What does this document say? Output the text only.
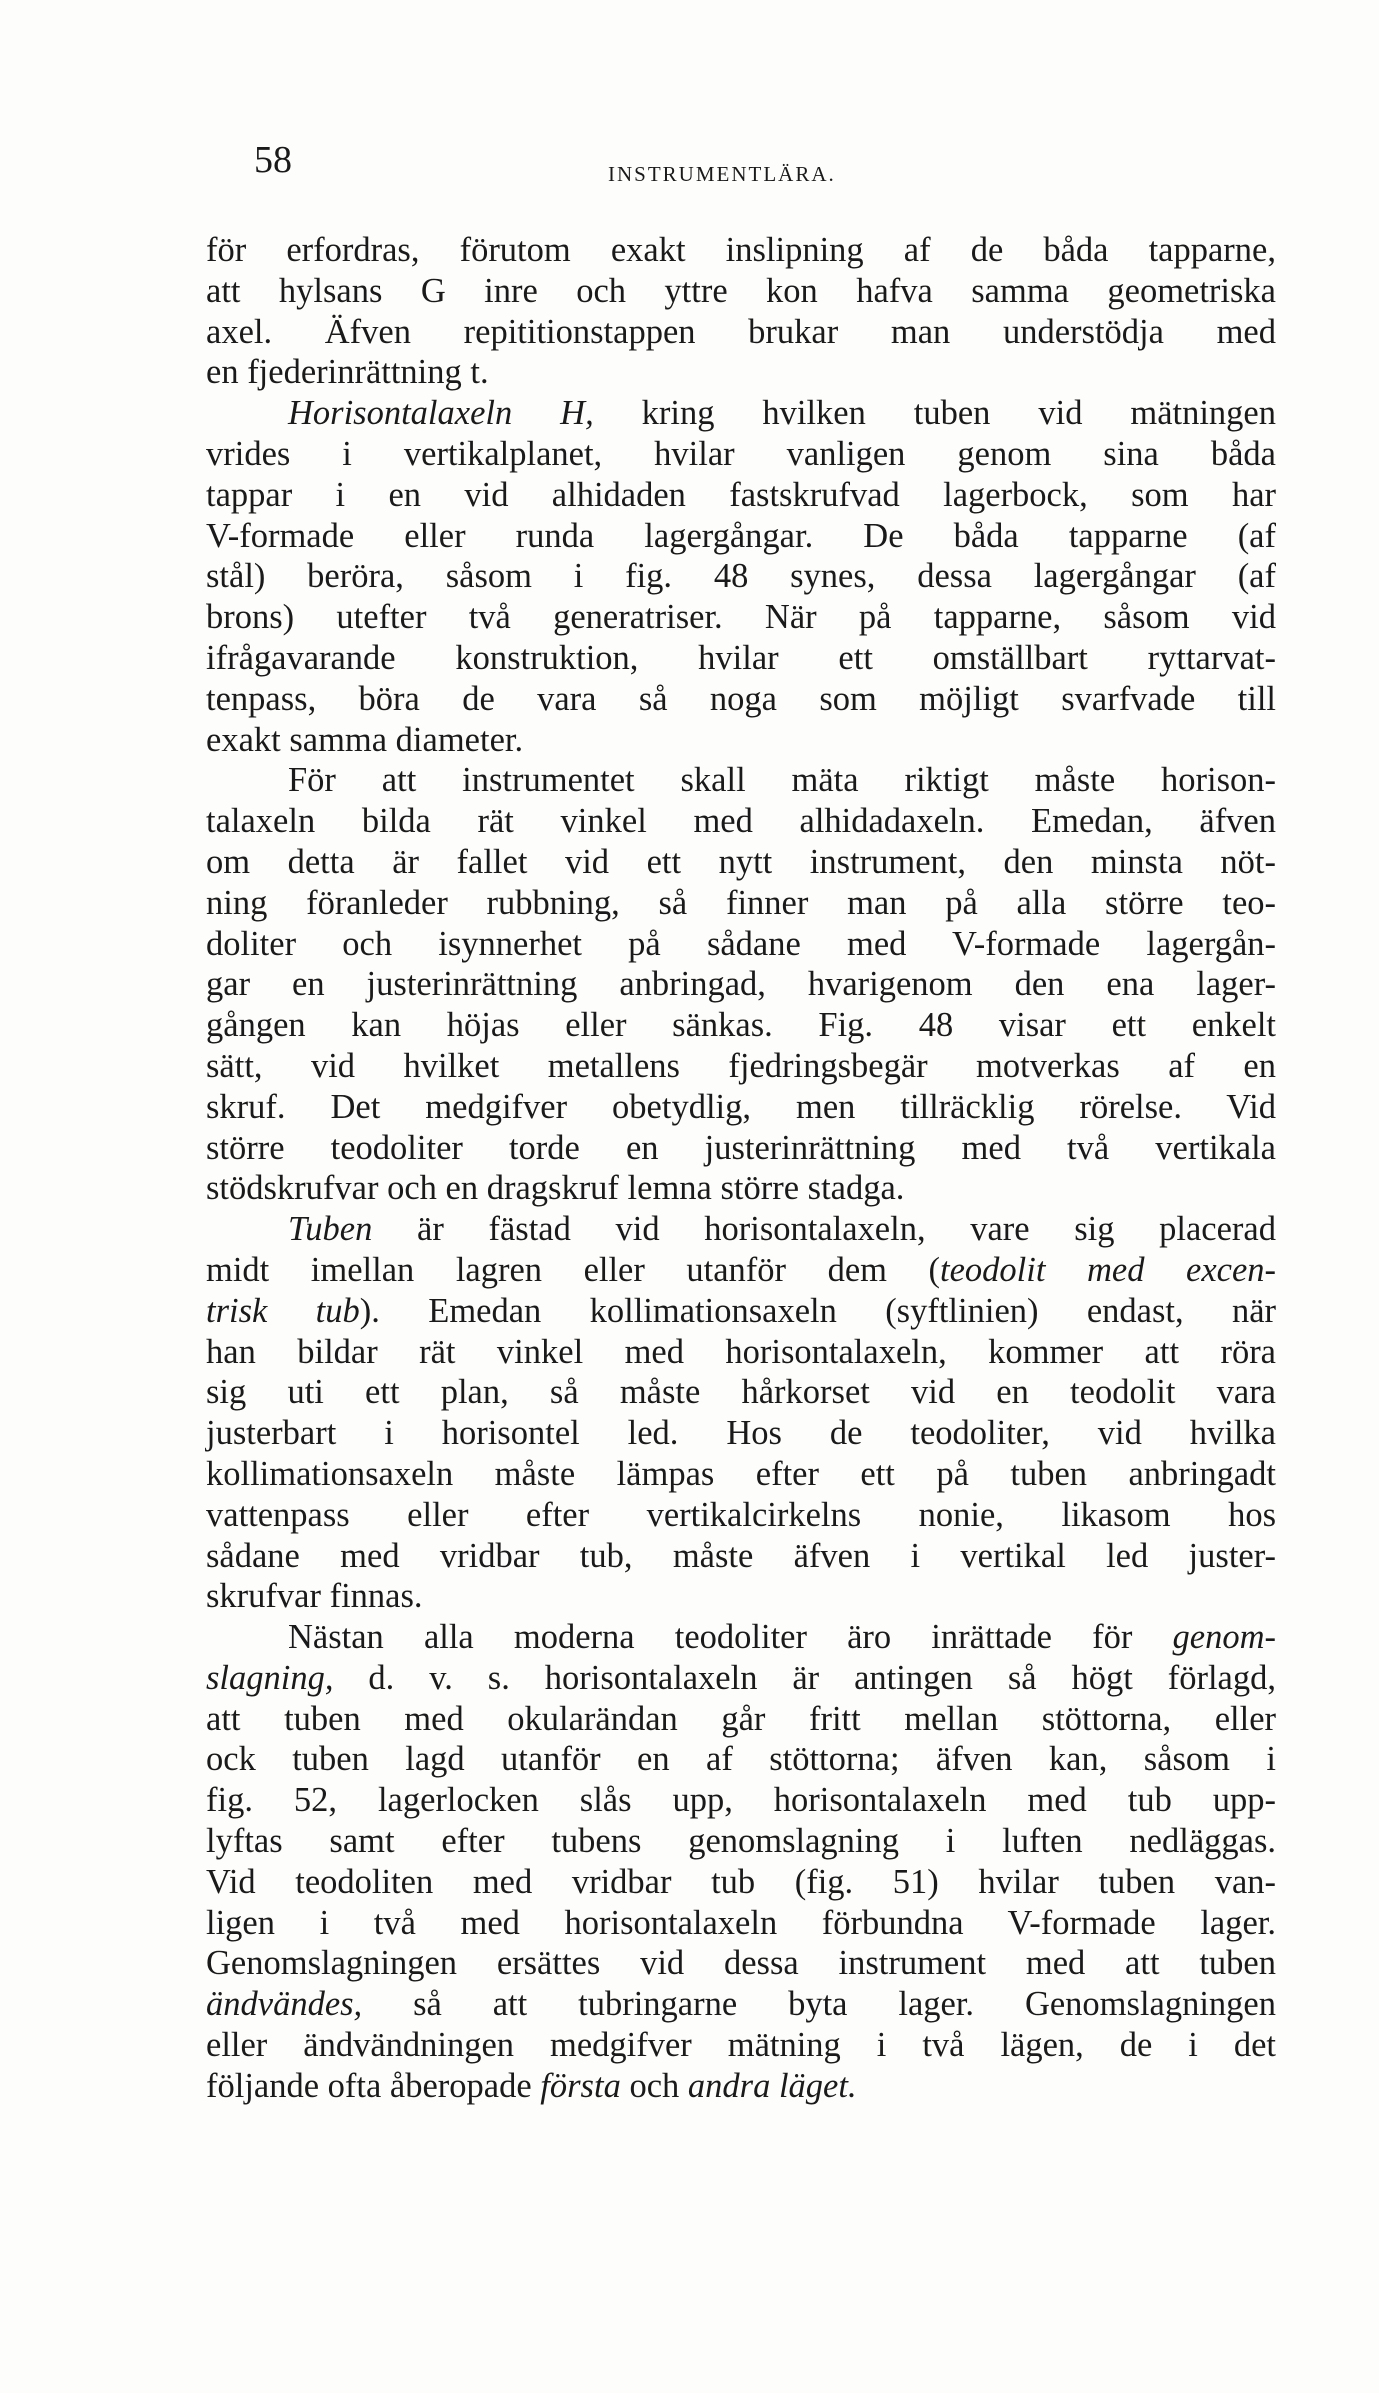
58	INSTRUMENTLÄRA.
för erfordras, förutom exakt inslipning af de båda tapparne,
att hylsans G inre och yttre kon hafva samma geometriska
axel. Äfven repititionstappen brukar man understödja med
en fjederinrättning t.
Horisontalaxeln H, kring hvilken tuben vid mätningen
vrides i vertikalplanet, hvilar vanligen genom sina båda
tappar i en vid alhidaden fastskrufvad lagerbock, som har
V-formade eller runda lagergångar. De båda tapparne (af
stål) beröra, såsom i fig. 48 synes, dessa lagergångar (af
brons) utefter två generatriser. När på tapparne, såsom vid
ifrågavarande konstruktion, hvilar ett omställbart ryttarvat-
tenpass, böra de vara så noga som möjligt svarfvade till
exakt samma diameter.
För att instrumentet skall mäta riktigt måste horison-
talaxeln bilda rät vinkel med alhidadaxeln. Emedan, äfven
om detta är fallet vid ett nytt instrument, den minsta nöt-
ning föranleder rubbning, så finner man på alla större teo-
doliter och isynnerhet på sådane med V-formade lagergån-
gar en justerinrättning anbringad, hvarigenom den ena lager-
gången kan höjas eller sänkas. Fig. 48 visar ett enkelt
sätt, vid hvilket metallens fjedringsbegär motverkas af en
skruf. Det medgifver obetydlig, men tillräcklig rörelse. Vid
större teodoliter torde en justerinrättning med två vertikala
stödskrufvar och en dragskruf lemna större stadga.
Tuben är fästad vid horisontalaxeln, vare sig placerad
midt imellan lagren eller utanför dem (teodolit med excen-
trisk tub). Emedan kollimationsaxeln (syftlinien) endast, när
han bildar rät vinkel med horisontalaxeln, kommer att röra
sig uti ett plan, så måste hårkorset vid en teodolit vara
justerbart i horisontel led. Hos de teodoliter, vid hvilka
kollimationsaxeln måste lämpas efter ett på tuben anbringadt
vattenpass eller efter vertikalcirkelns nonie, likasom hos
sådane med vridbar tub, måste äfven i vertikal led juster-
skrufvar finnas.
Nästan alla moderna teodoliter äro inrättade för genom-
slagning, d. v. s. horisontalaxeln är antingen så högt förlagd,
att tuben med okularändan går fritt mellan stöttorna, eller
ock tuben lagd utanför en af stöttorna; äfven kan, såsom i
fig. 52, lagerlocken slås upp, horisontalaxeln med tub upp-
lyftas samt efter tubens genomslagning i luften nedläggas.
Vid teodoliten med vridbar tub (fig. 51) hvilar tuben van-
ligen i två med horisontalaxeln förbundna V-formade lager.
Genomslagningen ersättes vid dessa instrument med att tuben
ändvändes, så att tubringarne byta lager. Genomslagningen
eller ändvändningen medgifver mätning i två lägen, de i det
följande ofta åberopade första och andra läget.
